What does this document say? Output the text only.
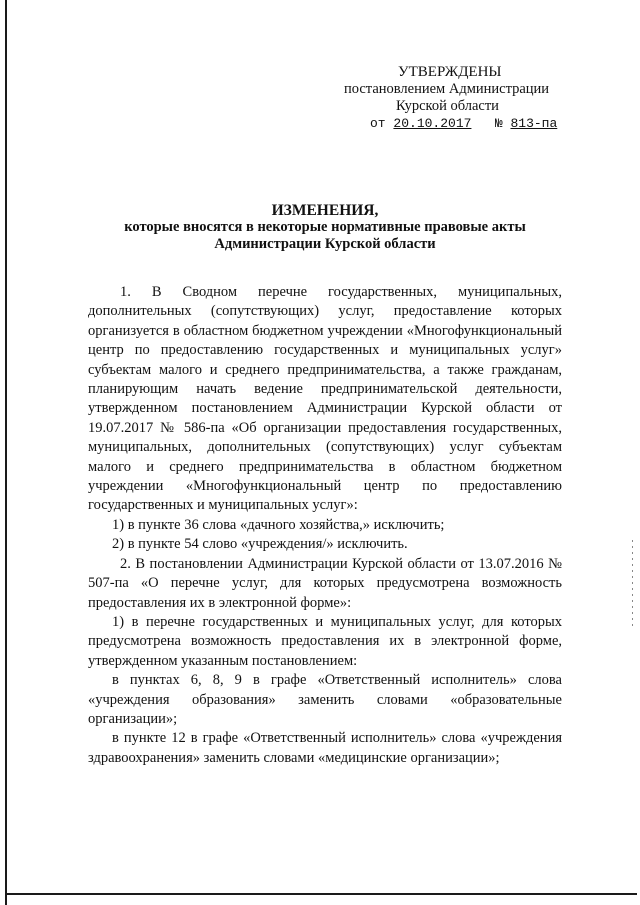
УТВЕРЖДЕНЫ
постановлением Администрации
Курской области
от 20.10.2017 № 813-па
ИЗМЕНЕНИЯ,
которые вносятся в некоторые нормативные правовые акты
Администрации Курской области

1. В Сводном перечне государственных, муниципальных, дополнительных (сопутствующих) услуг, предоставление которых организуется в областном бюджетном учреждении «Многофункциональный центр по предоставлению государственных и муниципальных услуг» субъектам малого и среднего предпринимательства, а также гражданам, планирующим начать ведение предпринимательской деятельности, утвержденном постановлением Администрации Курской области от 19.07.2017 № 586-па «Об организации предоставления государственных, муниципальных, дополнительных (сопутствующих) услуг субъектам малого и среднего предпринимательства в областном бюджетном учреждении «Многофункциональный центр по предоставлению государственных и муниципальных услуг»:

1) в пункте 36 слова «дачного хозяйства,» исключить;

2) в пункте 54 слово «учреждения/» исключить.

2. В постановлении Администрации Курской области от 13.07.2016 № 507-па «О перечне услуг, для которых предусмотрена возможность предоставления их в электронной форме»:

1) в перечне государственных и муниципальных услуг, для которых предусмотрена возможность предоставления их в электронной форме, утвержденном указанным постановлением:

в пунктах 6, 8, 9 в графе «Ответственный исполнитель» слова «учреждения образования» заменить словами «образовательные организации»;

в пункте 12 в графе «Ответственный исполнитель» слова «учреждения здравоохранения» заменить словами «медицинские организации»;
